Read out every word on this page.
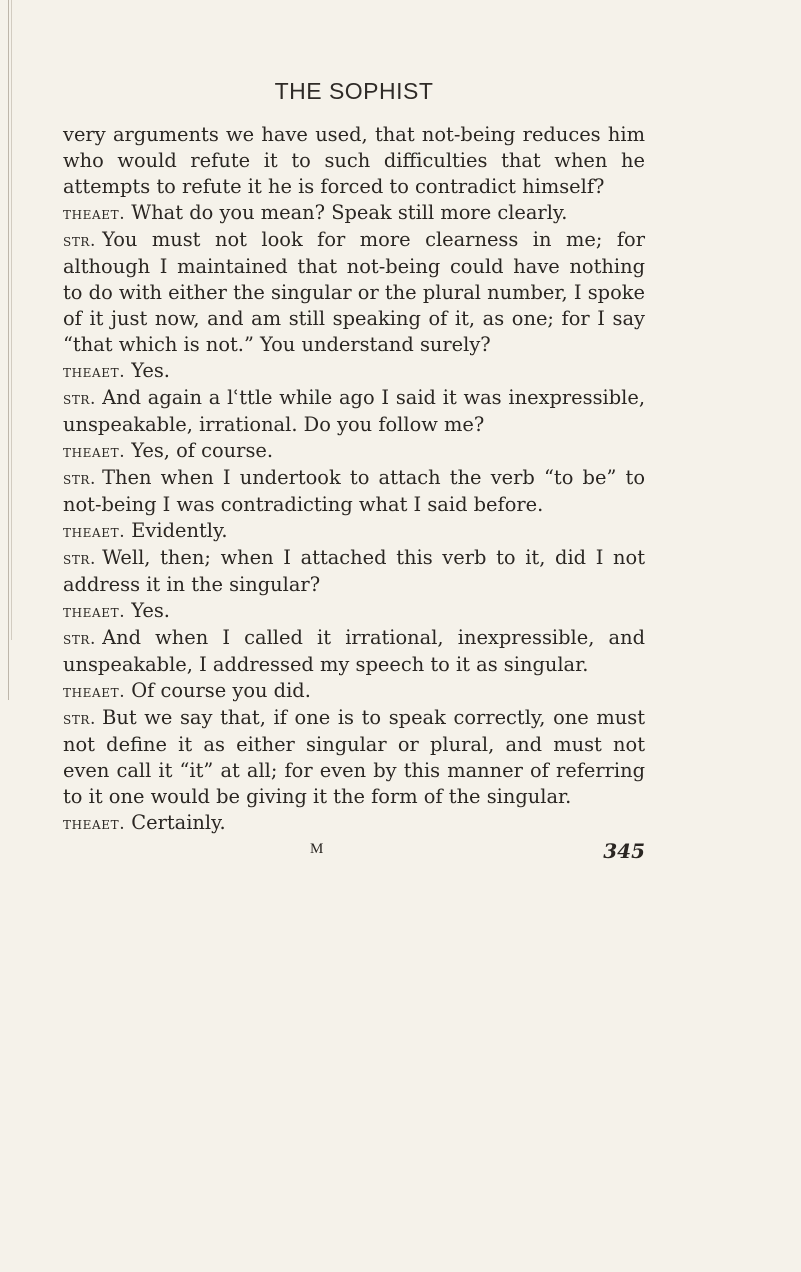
THE SOPHIST

very arguments we have used, that not-being reduces him who would refute it to such difficulties that when he attempts to refute it he is forced to contradict himself?

theaet. What do you mean? Speak still more clearly.

str. You must not look for more clearness in me; for although I maintained that not-being could have nothing to do with either the singular or the plural number, I spoke of it just now, and am still speaking of it, as one; for I say “that which is not.” You understand surely?

theaet. Yes.

str. And again a lʿttle while ago I said it was inexpressible, unspeakable, irrational. Do you follow me?

theaet. Yes, of course.

str. Then when I undertook to attach the verb “to be” to not-being I was contradicting what I said before.

theaet. Evidently.

str. Well, then; when I attached this verb to it, did I not address it in the singular?

theaet. Yes.

str. And when I called it irrational, inexpressible, and unspeakable, I addressed my speech to it as singular.

theaet. Of course you did.

str. But we say that, if one is to speak correctly, one must not define it as either singular or plural, and must not even call it “it” at all; for even by this manner of referring to it one would be giving it the form of the singular.

theaet. Certainly.

M	345
